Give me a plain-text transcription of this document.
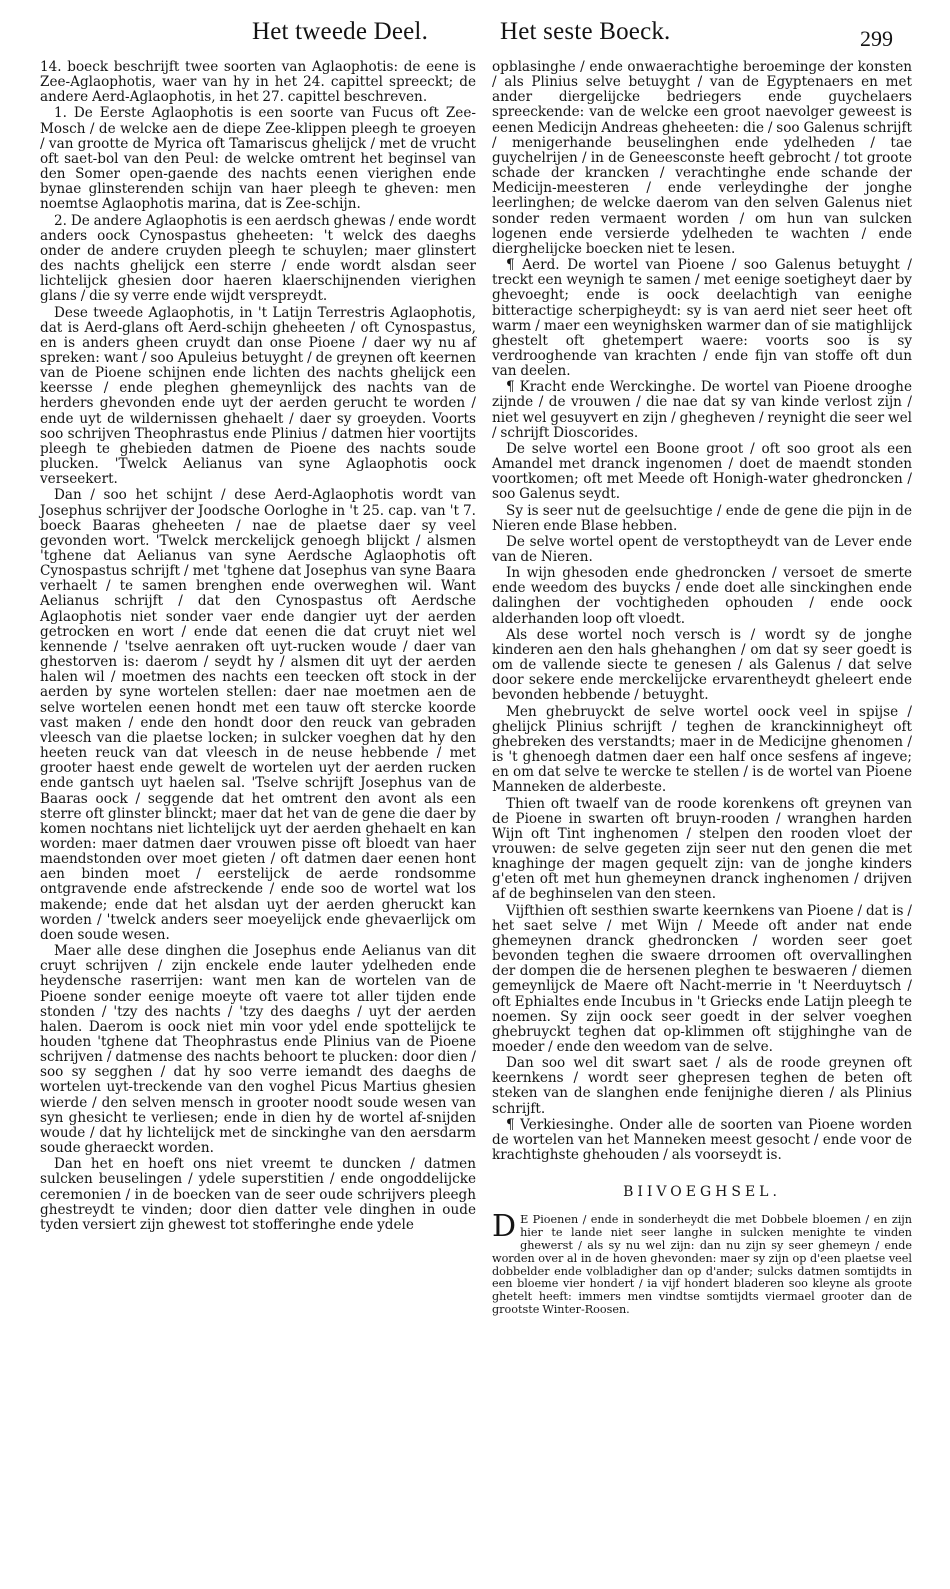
Het tweede Deel.	Het seste Boeck.	299

14. boeck beschrijft twee soorten van Aglaophotis: de eene is Zee-Aglaophotis, waer van hy in het 24. capittel spreeckt; de andere Aerd-Aglaophotis, in het 27. capittel beschreven.

1. De Eerste Aglaophotis is een soorte van Fucus oft Zee-Mosch / de welcke aen de diepe Zee-klippen pleegh te groeyen / van grootte de Myrica oft Tamariscus ghelijck / met de vrucht oft saet-bol van den Peul: de welcke omtrent het beginsel van den Somer open-gaende des nachts eenen vierighen ende bynae glinsterenden schijn van haer pleegh te gheven: men noemtse Aglaophotis marina, dat is Zee-schijn.

2. De andere Aglaophotis is een aerdsch ghewas / ende wordt anders oock Cynospastus gheheeten: 't welck des daeghs onder de andere cruyden pleegh te schuylen; maer glinstert des nachts ghelijck een sterre / ende wordt alsdan seer lichtelijck ghesien door haeren klaerschijnenden vierighen glans / die sy verre ende wijdt verspreydt.

Dese tweede Aglaophotis, in 't Latijn Terrestris Aglaophotis, dat is Aerd-glans oft Aerd-schijn gheheeten / oft Cynospastus, en is anders gheen cruydt dan onse Pioene / daer wy nu af spreken: want / soo Apuleius betuyght / de greynen oft keernen van de Pioene schijnen ende lichten des nachts ghelijck een keersse / ende pleghen ghemeynlijck des nachts van de herders ghevonden ende uyt der aerden gerucht te worden / ende uyt de wildernissen ghehaelt / daer sy groeyden. Voorts soo schrijven Theophrastus ende Plinius / datmen hier voortijts pleegh te ghebieden datmen de Pioene des nachts soude plucken. 'Twelck Aelianus van syne Aglaophotis oock verseekert.

Dan / soo het schijnt / dese Aerd-Aglaophotis wordt van Josephus schrijver der Joodsche Oorloghe in 't 25. cap. van 't 7. boeck Baaras gheheeten / nae de plaetse daer sy veel gevonden wort. 'Twelck merckelijck genoegh blijckt / alsmen 'tghene dat Aelianus van syne Aerdsche Aglaophotis oft Cynospastus schrijft / met 'tghene dat Josephus van syne Baara verhaelt / te samen brenghen ende overweghen wil. Want Aelianus schrijft / dat den Cynospastus oft Aerdsche Aglaophotis niet sonder vaer ende dangier uyt der aerden getrocken en wort / ende dat eenen die dat cruyt niet wel kennende / 'tselve aenraken oft uyt-rucken woude / daer van ghestorven is: daerom / seydt hy / alsmen dit uyt der aerden halen wil / moetmen des nachts een teecken oft stock in der aerden by syne wortelen stellen: daer nae moetmen aen de selve wortelen eenen hondt met een tauw oft stercke koorde vast maken / ende den hondt door den reuck van gebraden vleesch van die plaetse locken; in sulcker voeghen dat hy den heeten reuck van dat vleesch in de neuse hebbende / met grooter haest ende gewelt de wortelen uyt der aerden rucken ende gantsch uyt haelen sal. 'Tselve schrijft Josephus van de Baaras oock / seggende dat het omtrent den avont als een sterre oft glinster blinckt; maer dat het van de gene die daer by komen nochtans niet lichtelijck uyt der aerden ghehaelt en kan worden: maer datmen daer vrouwen pisse oft bloedt van haer maendstonden over moet gieten / oft datmen daer eenen hont aen binden moet / eerstelijck de aerde rondsomme ontgravende ende afstreckende / ende soo de wortel wat los makende; ende dat het alsdan uyt der aerden gheruckt kan worden / 'twelck anders seer moeyelijck ende ghevaerlijck om doen soude wesen.

Maer alle dese dinghen die Josephus ende Aelianus van dit cruyt schrijven / zijn enckele ende lauter ydelheden ende heydensche raserrijen: want men kan de wortelen van de Pioene sonder eenige moeyte oft vaere tot aller tijden ende stonden / 'tzy des nachts / 'tzy des daeghs / uyt der aerden halen. Daerom is oock niet min voor ydel ende spottelijck te houden 'tghene dat Theophrastus ende Plinius van de Pioene schrijven / datmense des nachts behoort te plucken: door dien / soo sy segghen / dat hy soo verre iemandt des daeghs de wortelen uyt-treckende van den voghel Picus Martius ghesien wierde / den selven mensch in grooter noodt soude wesen van syn ghesicht te verliesen; ende in dien hy de wortel af-snijden woude / dat hy lichtelijck met de sinckinghe van den aersdarm soude gheraeckt worden.

Dan het en hoeft ons niet vreemt te duncken / datmen sulcken beuselingen / ydele superstitien / ende ongoddelijcke ceremonien / in de boecken van de seer oude schrijvers pleegh ghestreydt te vinden; door dien datter vele dinghen in oude tyden versiert zijn ghewest tot stofferinghe ende ydele

opblasinghe / ende onwaerachtighe beroeminge der konsten / als Plinius selve betuyght / van de Egyptenaers en met ander diergelijcke bedriegers ende guychelaers spreeckende: van de welcke een groot naevolger geweest is eenen Medicijn Andreas gheheeten: die / soo Galenus schrijft / menigerhande beuselinghen ende ydelheden / tae guychelrijen / in de Geneesconste heeft gebrocht / tot groote schade der krancken / verachtinghe ende schande der Medicijn-meesteren / ende verleydinghe der jonghe leerlinghen; de welcke daerom van den selven Galenus niet sonder reden vermaent worden / om hun van sulcken logenen ende versierde ydelheden te wachten / ende dierghelijcke boecken niet te lesen.

¶ Aerd. De wortel van Pioene / soo Galenus betuyght / treckt een weynigh te samen / met eenige soetigheyt daer by ghevoeght; ende is oock deelachtigh van eenighe bitteractige scherpigheydt: sy is van aerd niet seer heet oft warm / maer een weynighsken warmer dan of sie matighlijck ghestelt oft ghetempert waere: voorts soo is sy verdrooghende van krachten / ende fijn van stoffe oft dun van deelen.

¶ Kracht ende Werckinghe. De wortel van Pioene drooghe zijnde / de vrouwen / die nae dat sy van kinde verlost zijn / niet wel gesuyvert en zijn / ghegheven / reynight die seer wel / schrijft Dioscorides.

De selve wortel een Boone groot / oft soo groot als een Amandel met dranck ingenomen / doet de maendt stonden voortkomen; oft met Meede oft Honigh-water ghedroncken / soo Galenus seydt.

Sy is seer nut de geelsuchtige / ende de gene die pijn in de Nieren ende Blase hebben.

De selve wortel opent de verstoptheydt van de Lever ende van de Nieren.

In wijn ghesoden ende ghedroncken / versoet de smerte ende weedom des buycks / ende doet alle sinckinghen ende dalinghen der vochtigheden ophouden / ende oock alderhanden loop oft vloedt.

Als dese wortel noch versch is / wordt sy de jonghe kinderen aen den hals ghehanghen / om dat sy seer goedt is om de vallende siecte te genesen / als Galenus / dat selve door sekere ende merckelijcke ervarentheydt gheleert ende bevonden hebbende / betuyght.

Men ghebruyckt de selve wortel oock veel in spijse / ghelijck Plinius schrijft / teghen de kranckinnigheyt oft ghebreken des verstandts; maer in de Medicijne ghenomen / is 't ghenoegh datmen daer een half once sesfens af ingeve; en om dat selve te wercke te stellen / is de wortel van Pioene Manneken de alderbeste.

Thien oft twaelf van de roode korenkens oft greynen van de Pioene in swarten oft bruyn-rooden / wranghen harden Wijn oft Tint inghenomen / stelpen den rooden vloet der vrouwen: de selve gegeten zijn seer nut den genen die met knaghinge der magen gequelt zijn: van de jonghe kinders g'eten oft met hun ghemeynen dranck inghenomen / drijven af de beghinselen van den steen.

Vijfthien oft sesthien swarte keernkens van Pioene / dat is / het saet selve / met Wijn / Meede oft ander nat ende ghemeynen dranck ghedroncken / worden seer goet bevonden teghen die swaere drroomen oft overvallinghen der dompen die de hersenen pleghen te beswaeren / diemen gemeynlijck de Maere oft Nacht-merrie in 't Neerduytsch / oft Ephialtes ende Incubus in 't Griecks ende Latijn pleegh te noemen. Sy zijn oock seer goedt in der selver voeghen ghebruyckt teghen dat op-klimmen oft stijghinghe van de moeder / ende den weedom van de selve.

Dan soo wel dit swart saet / als de roode greynen oft keernkens / wordt seer ghepresen teghen de beten oft steken van de slanghen ende fenijnighe dieren / als Plinius schrijft.

¶ Verkiesinghe. Onder alle de soorten van Pioene worden de wortelen van het Manneken meest gesocht / ende voor de krachtighste ghehouden / als voorseydt is.

BIIVOEGHSEL.
D E Pioenen / ende in sonderheydt die met Dobbele bloemen / en zijn hier te lande niet seer langhe in sulcken menighte te vinden ghewerst / als sy nu wel zijn: dan nu zijn sy seer ghemeyn / ende worden over al in de hoven ghevonden: maer sy zijn op d'een plaetse veel dobbelder ende volbladigher dan op d'ander; sulcks datmen somtijdts in een bloeme vier hondert / ia vijf hondert bladeren soo kleyne als groote ghetelt heeft: immers men vindtse somtijdts viermael grooter dan de grootste Winter-Roosen.
